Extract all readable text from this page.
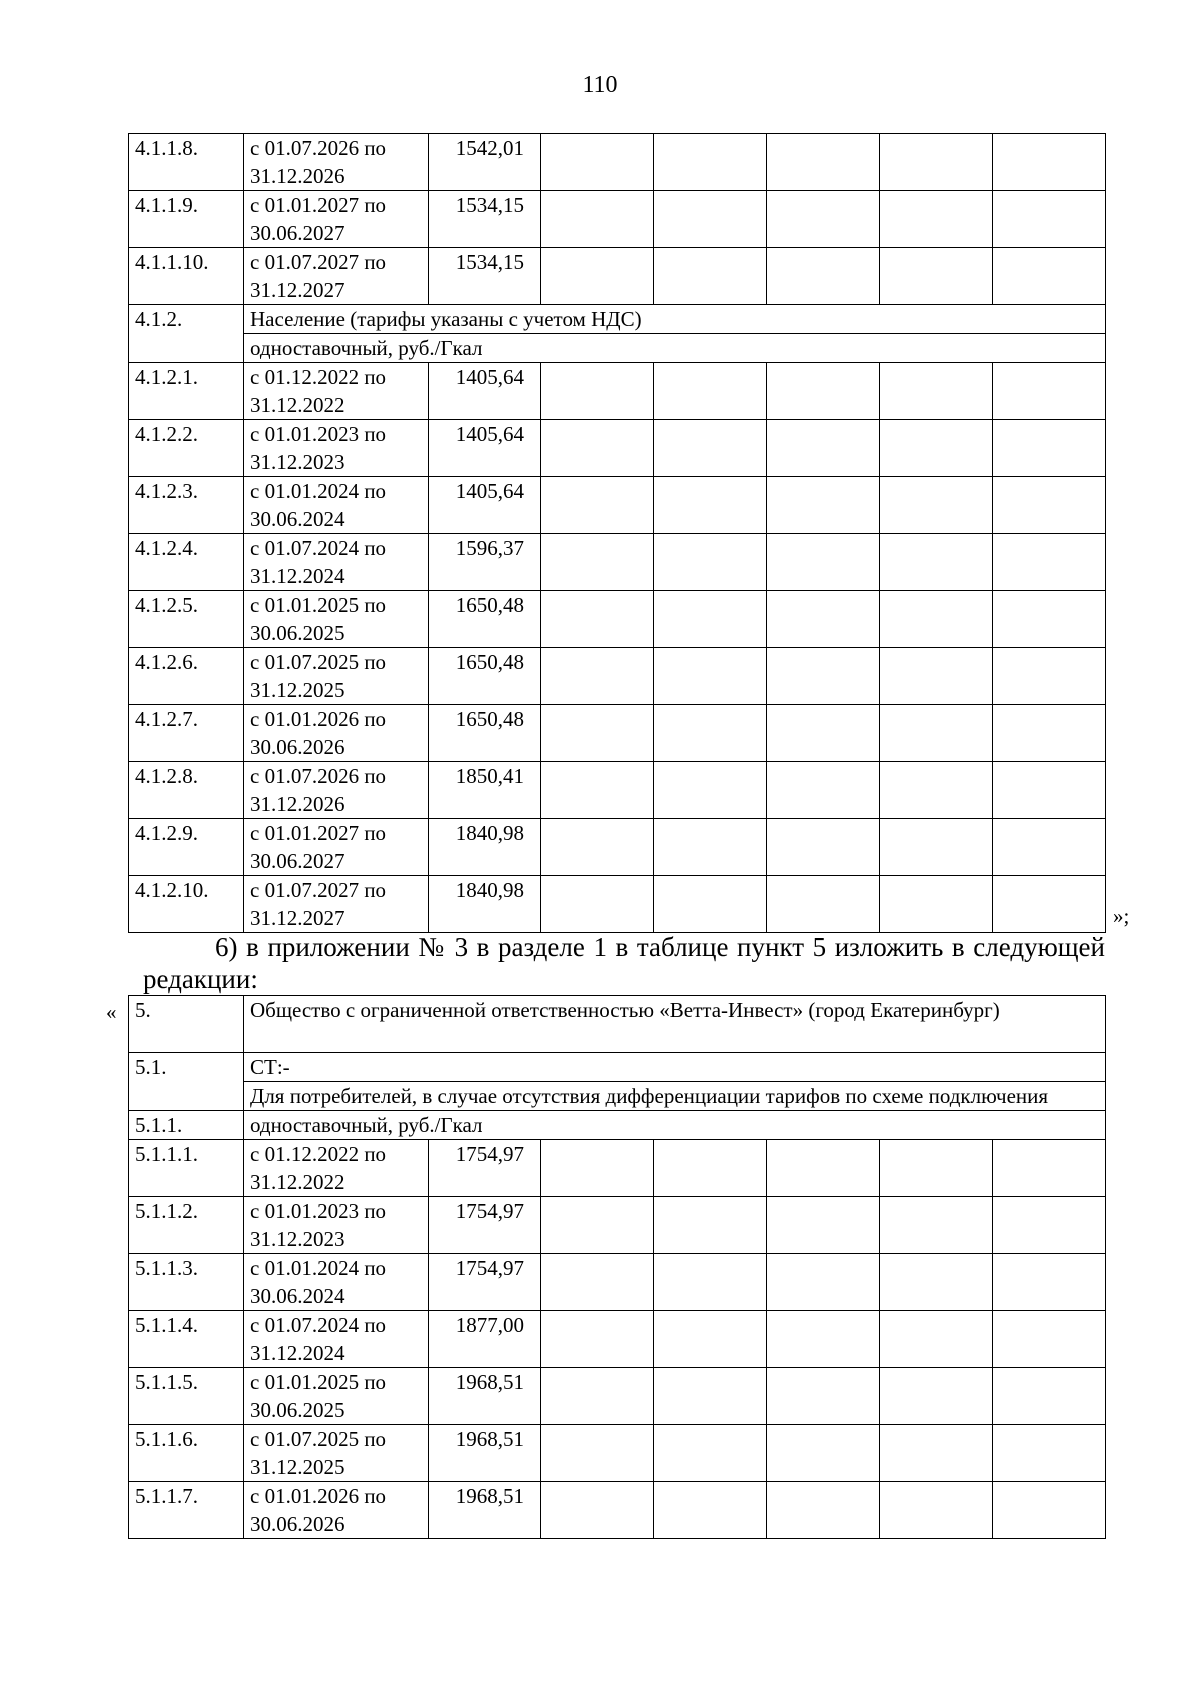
110
4.1.1.8.	с 01.07.2026 по 31.12.2026	1542,01					
4.1.1.9.	с 01.01.2027 по 30.06.2027	1534,15					
4.1.1.10.	с 01.07.2027 по 31.12.2027	1534,15					
4.1.2.	Население (тарифы указаны с учетом НДС)						
	одноставочный, руб./Гкал						
4.1.2.1.	с 01.12.2022 по 31.12.2022	1405,64					
4.1.2.2.	с 01.01.2023 по 31.12.2023	1405,64					
4.1.2.3.	с 01.01.2024 по 30.06.2024	1405,64					
4.1.2.4.	с 01.07.2024 по 31.12.2024	1596,37					
4.1.2.5.	с 01.01.2025 по 30.06.2025	1650,48					
4.1.2.6.	с 01.07.2025 по 31.12.2025	1650,48					
4.1.2.7.	с 01.01.2026 по 30.06.2026	1650,48					
4.1.2.8.	с 01.07.2026 по 31.12.2026	1850,41					
4.1.2.9.	с 01.01.2027 по 30.06.2027	1840,98					
4.1.2.10.	с 01.07.2027 по 31.12.2027	1840,98					
»;
6) в приложении № 3 в разделе 1 в таблице пункт 5 изложить в следующей редакции:
« 5.	Общество с ограниченной ответственностью «Ветта-Инвест» (город Екатеринбург)						
5.1.	СТ:-						
	Для потребителей, в случае отсутствия дифференциации тарифов по схеме подключения						
5.1.1.	одноставочный, руб./Гкал						
5.1.1.1.	с 01.12.2022 по 31.12.2022	1754,97					
5.1.1.2.	с 01.01.2023 по 31.12.2023	1754,97					
5.1.1.3.	с 01.01.2024 по 30.06.2024	1754,97					
5.1.1.4.	с 01.07.2024 по 31.12.2024	1877,00					
5.1.1.5.	с 01.01.2025 по 30.06.2025	1968,51					
5.1.1.6.	с 01.07.2025 по 31.12.2025	1968,51					
5.1.1.7.	с 01.01.2026 по 30.06.2026	1968,51					
